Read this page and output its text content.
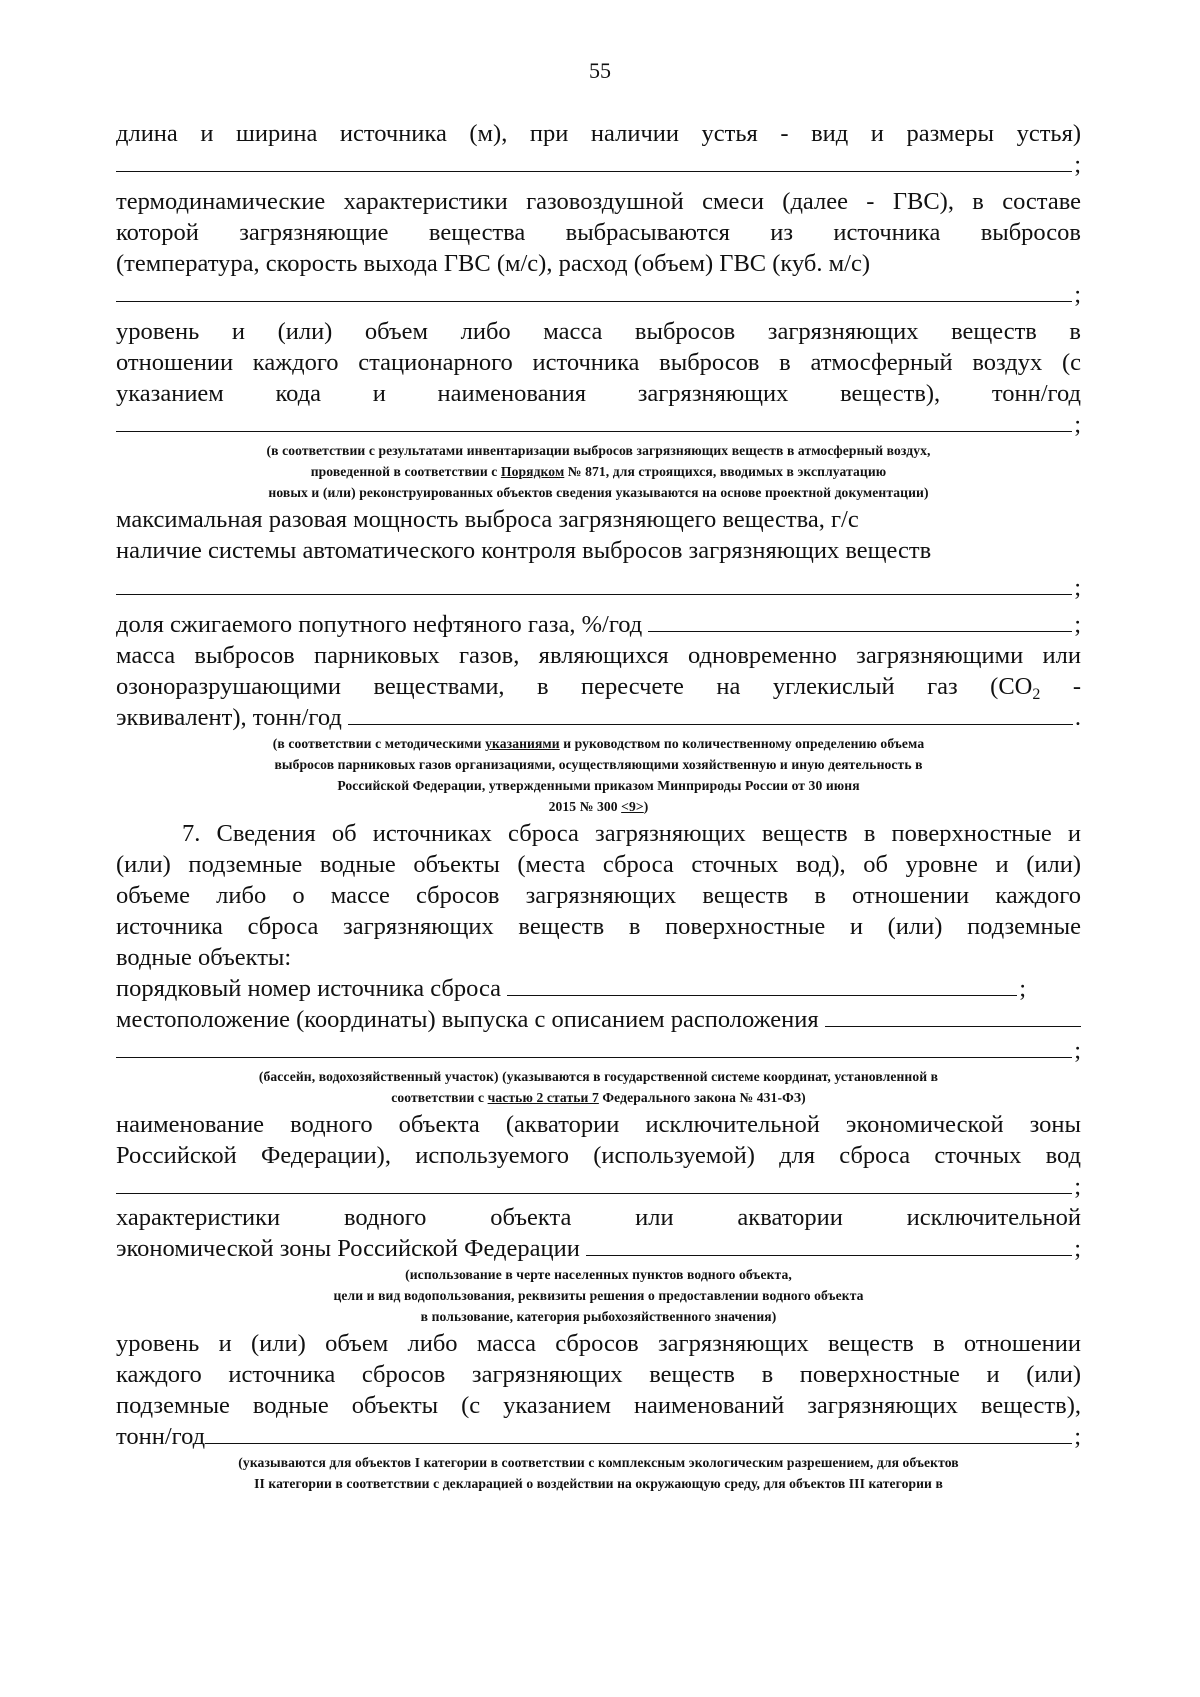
55
длина и ширина источника (м), при наличии устья - вид и размеры устья)
;
термодинамические характеристики газовоздушной смеси (далее - ГВС), в составе
которой загрязняющие вещества выбрасываются из источника выбросов
(температура, скорость выхода ГВС (м/с), расход (объем) ГВС (куб. м/с)
;
уровень и (или) объем либо масса выбросов загрязняющих веществ в
отношении каждого стационарного источника выбросов в атмосферный воздух (с
указанием кода и наименования загрязняющих веществ), тонн/год
;
(в соответствии с результатами инвентаризации выбросов загрязняющих веществ в атмосферный воздух,
проведенной в соответствии с Порядком № 871, для строящихся, вводимых в эксплуатацию
новых и (или) реконструированных объектов сведения указываются на основе проектной документации)
максимальная разовая мощность выброса загрязняющего вещества, г/с
наличие системы автоматического контроля выбросов загрязняющих веществ
;
доля сжигаемого попутного нефтяного газа, %/год	;
масса выбросов парниковых газов, являющихся одновременно загрязняющими или
озоноразрушающими веществами, в пересчете на углекислый газ ($CO_2$ -
эквивалент), тонн/год	.
(в соответствии с методическими указаниями и руководством по количественному определению объема
выбросов парниковых газов организациями, осуществляющими хозяйственную и иную деятельность в
Российской Федерации, утвержденными приказом Минприроды России от 30 июня
2015 № 300 <9>)
7. Сведения об источниках сброса загрязняющих веществ в поверхностные и
(или) подземные водные объекты (места сброса сточных вод), об уровне и (или)
объеме либо о массе сбросов загрязняющих веществ в отношении каждого
источника сброса загрязняющих веществ в поверхностные и (или) подземные
водные объекты:
порядковый номер источника сброса	;
местоположение (координаты) выпуска с описанием расположения
;
(бассейн, водохозяйственный участок) (указываются в государственной системе координат, установленной в
соответствии с частью 2 статьи 7 Федерального закона № 431-ФЗ)
наименование водного объекта (акватории исключительной экономической зоны
Российской Федерации), используемого (используемой) для сброса сточных вод
;
характеристики водного объекта или акватории исключительной
экономической зоны Российской Федерации	;
(использование в черте населенных пунктов водного объекта,
цели и вид водопользования, реквизиты решения о предоставлении водного объекта
в пользование, категория рыбохозяйственного значения)
уровень и (или) объем либо масса сбросов загрязняющих веществ в отношении
каждого источника сбросов загрязняющих веществ в поверхностные и (или)
подземные водные объекты (с указанием наименований загрязняющих веществ),
тонн/год	;
(указываются для объектов I категории в соответствии с комплексным экологическим разрешением, для объектов
II категории в соответствии с декларацией о воздействии на окружающую среду, для объектов III категории в
